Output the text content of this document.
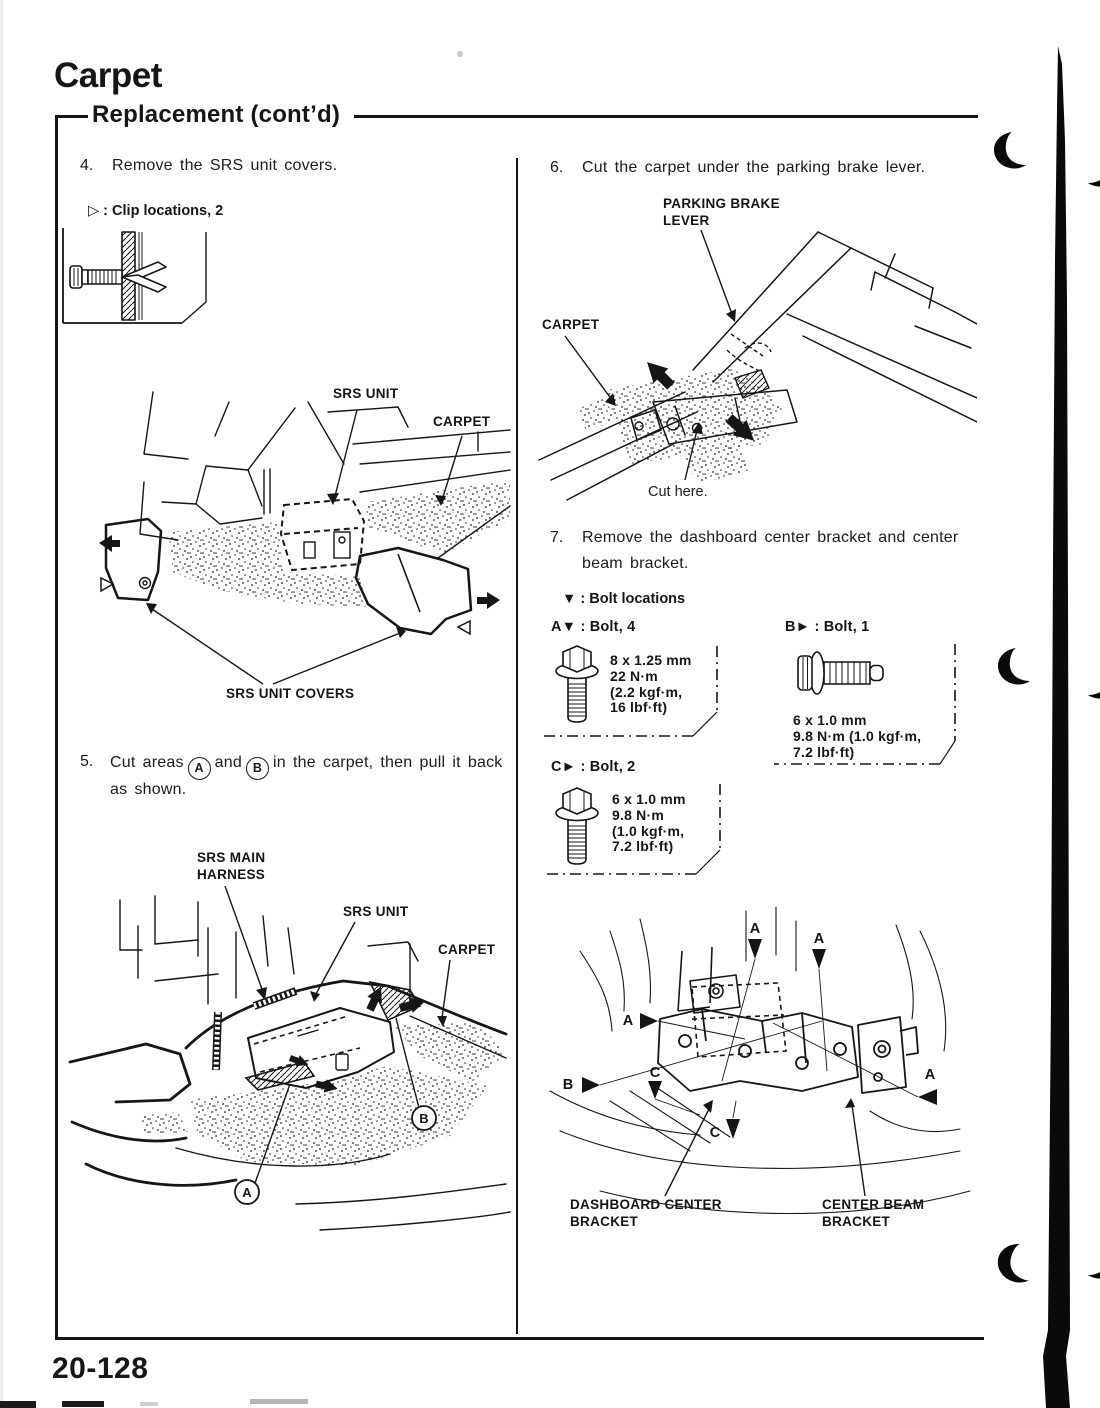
Carpet
Replacement (cont’d)
4. Remove the SRS unit covers.
▷ : Clip locations, 2
SRS UNIT
CARPET
SRS UNIT COVERS
5. Cut areas A and B in the carpet, then pull it back
as shown.
SRS MAIN
HARNESS
B
A
SRS UNIT
CARPET
6. Cut the carpet under the parking brake lever.
PARKING BRAKE
LEVER
CARPET
Cut here.
7. Remove the dashboard center bracket and center
beam bracket.
▼ : Bolt locations
A▼ : Bolt, 4	B► : Bolt, 1
C► : Bolt, 2
8 x 1.25 mm
22 N·m
(2.2 kgf·m,
16 lbf·ft)
6 x 1.0 mm
9.8 N·m (1.0 kgf·m,
7.2 lbf·ft)
6 x 1.0 mm
9.8 N·m
(1.0 kgf·m,
7.2 lbf·ft)
A
A
A
A
B
C
C
DASHBOARD CENTER
BRACKET
CENTER BEAM
BRACKET
20-128
